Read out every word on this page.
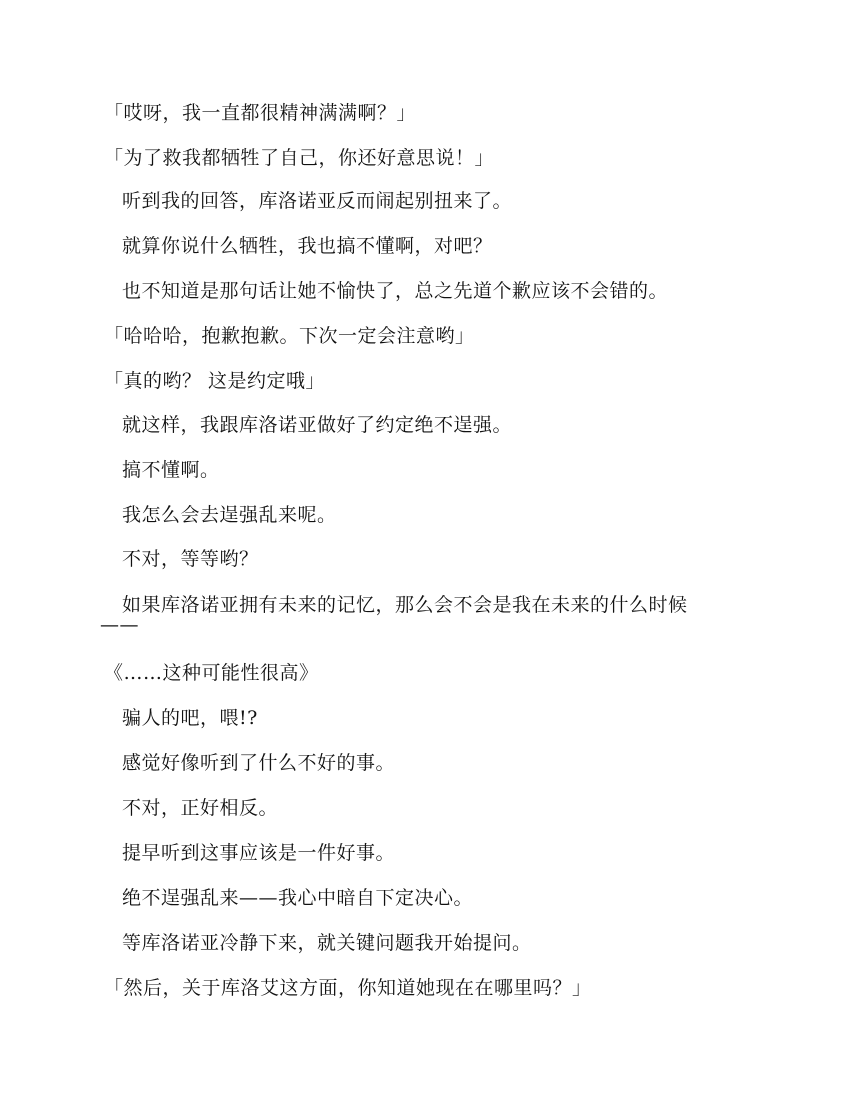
「哎呀，我一直都很精神满满啊？」
「为了救我都牺牲了自己，你还好意思说！」
听到我的回答，库洛诺亚反而闹起别扭来了。
就算你说什么牺牲，我也搞不懂啊，对吧？
也不知道是那句话让她不愉快了，总之先道个歉应该不会错的。
「哈哈哈，抱歉抱歉。下次一定会注意哟」
「真的哟？ 这是约定哦」
就这样，我跟库洛诺亚做好了约定绝不逞强。
搞不懂啊。
我怎么会去逞强乱来呢。
不对，等等哟？
如果库洛诺亚拥有未来的记忆，那么会不会是我在未来的什么时候
——
《……这种可能性很高》
骗人的吧，喂!?
感觉好像听到了什么不好的事。
不对，正好相反。
提早听到这事应该是一件好事。
绝不逞强乱来——我心中暗自下定决心。
等库洛诺亚冷静下来，就关键问题我开始提问。
「然后，关于库洛艾这方面，你知道她现在在哪里吗？」
